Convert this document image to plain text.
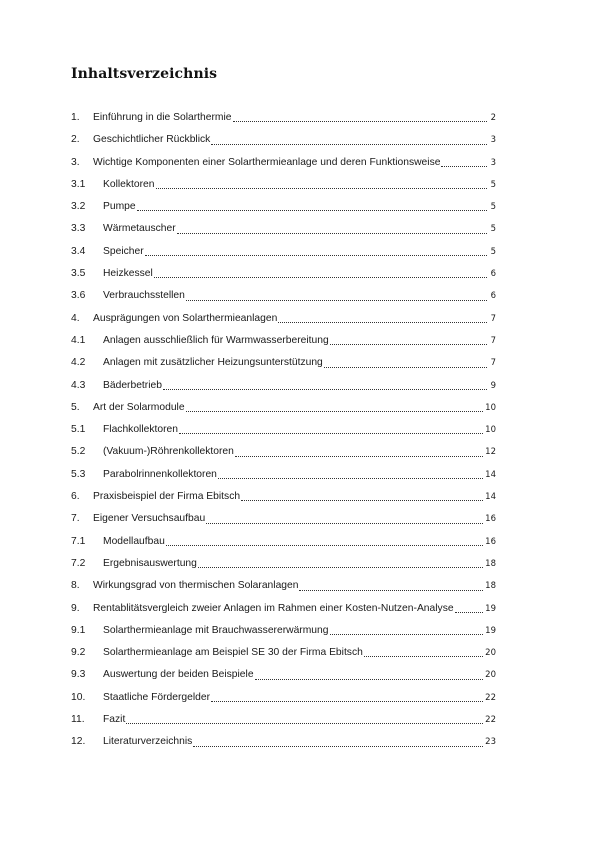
Inhaltsverzeichnis
1.	Einführung in die Solarthermie	2
2.	Geschichtlicher Rückblick	3
3.	Wichtige Komponenten einer Solarthermieanlage und deren Funktionsweise	3
3.1	Kollektoren	5
3.2	Pumpe	5
3.3	Wärmetauscher	5
3.4	Speicher	5
3.5	Heizkessel	6
3.6	Verbrauchsstellen	6
4.	Ausprägungen von Solarthermieanlagen	7
4.1	Anlagen ausschließlich für Warmwasserbereitung	7
4.2	Anlagen mit zusätzlicher Heizungsunterstützung	7
4.3	Bäderbetrieb	9
5.	Art der Solarmodule	10
5.1	Flachkollektoren	10
5.2	(Vakuum-)Röhrenkollektoren	12
5.3	Parabolrinnenkollektoren	14
6.	Praxisbeispiel der Firma Ebitsch	14
7.	Eigener Versuchsaufbau	16
7.1	Modellaufbau	16
7.2	Ergebnisauswertung	18
8.	Wirkungsgrad von thermischen Solaranlagen	18
9.	Rentablitätsvergleich zweier Anlagen im Rahmen einer Kosten-Nutzen-Analyse	19
9.1	Solarthermieanlage mit Brauchwassererwärmung	19
9.2	Solarthermieanlage am Beispiel SE 30 der Firma Ebitsch	20
9.3	Auswertung der beiden Beispiele	20
10.	Staatliche Fördergelder	22
11.	Fazit	22
12.	Literaturverzeichnis	23
